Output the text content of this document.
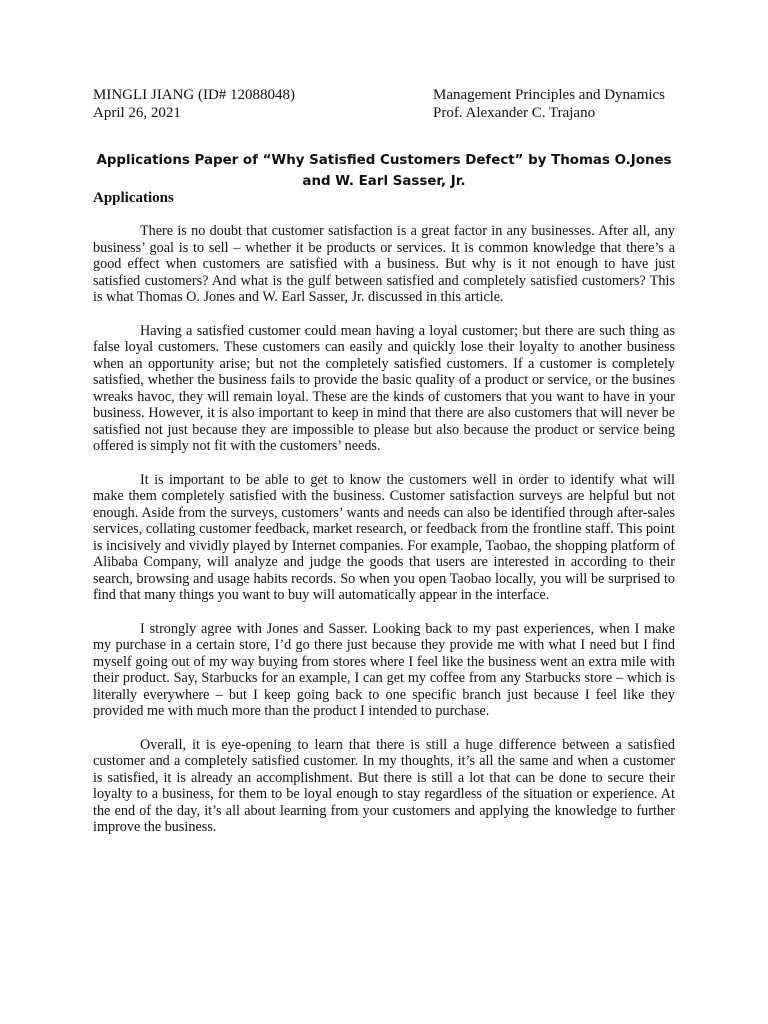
MINGLI JIANG (ID# 12088048)	Management Principles and Dynamics
April 26, 2021	Prof. Alexander C. Trajano
Applications Paper of “Why Satisfied Customers Defect” by Thomas O.Jones and W. Earl Sasser, Jr.
Applications

There is no doubt that customer satisfaction is a great factor in any businesses. After all, any business’ goal is to sell – whether it be products or services. It is common knowledge that there’s a good effect when customers are satisfied with a business. But why is it not enough to have just satisfied customers? And what is the gulf between satisfied and completely satisfied customers? This is what Thomas O. Jones and W. Earl Sasser, Jr. discussed in this article.

Having a satisfied customer could mean having a loyal customer; but there are such thing as false loyal customers. These customers can easily and quickly lose their loyalty to another business when an opportunity arise; but not the completely satisfied customers. If a customer is completely satisfied, whether the business fails to provide the basic quality of a product or service, or the busines wreaks havoc, they will remain loyal. These are the kinds of customers that you want to have in your business. However, it is also important to keep in mind that there are also customers that will never be satisfied not just because they are impossible to please but also because the product or service being offered is simply not fit with the customers’ needs.

It is important to be able to get to know the customers well in order to identify what will make them completely satisfied with the business. Customer satisfaction surveys are helpful but not enough. Aside from the surveys, customers’ wants and needs can also be identified through after-sales services, collating customer feedback, market research, or feedback from the frontline staff. This point is incisively and vividly played by Internet companies. For example, Taobao, the shopping platform of Alibaba Company, will analyze and judge the goods that users are interested in according to their search, browsing and usage habits records. So when you open Taobao locally, you will be surprised to find that many things you want to buy will automatically appear in the interface.

I strongly agree with Jones and Sasser. Looking back to my past experiences, when I make my purchase in a certain store, I’d go there just because they provide me with what I need but I find myself going out of my way buying from stores where I feel like the business went an extra mile with their product. Say, Starbucks for an example, I can get my coffee from any Starbucks store – which is literally everywhere – but I keep going back to one specific branch just because I feel like they provided me with much more than the product I intended to purchase.

Overall, it is eye-opening to learn that there is still a huge difference between a satisfied customer and a completely satisfied customer. In my thoughts, it’s all the same and when a customer is satisfied, it is already an accomplishment. But there is still a lot that can be done to secure their loyalty to a business, for them to be loyal enough to stay regardless of the situation or experience. At the end of the day, it’s all about learning from your customers and applying the knowledge to further improve the business.
